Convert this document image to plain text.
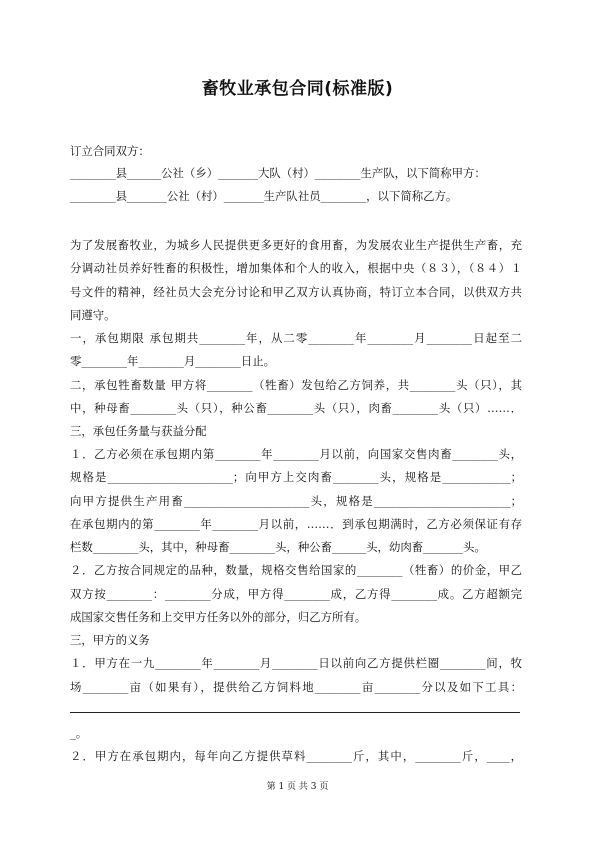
畜牧业承包合同(标准版)
订立合同双方：
________县______公社（乡）_______大队（村）________生产队，以下简称甲方：
________县_______公社（村）_______生产队社员________，以下简称乙方。
为了发展畜牧业，为城乡人民提供更多更好的食用畜，为发展农业生产提供生产畜，充
分调动社员养好牲畜的积极性，增加集体和个人的收入，根据中央（８３），（８４）１
号文件的精神，经社员大会充分讨论和甲乙双方认真协商，特订立本合同，以供双方共
同遵守。
一，承包期限 承包期共________年，从二零________年________月________日起至二
零________年________月________日止。
二，承包牲畜数量 甲方将________（牲畜）发包给乙方饲养，共________头（只），其
中，种母畜________头（只），种公畜________头（只），肉畜________头（只）……．
三，承包任务量与获益分配
１．乙方必须在承包期内第________年________月以前，向国家交售肉畜________头，
规格是______________________；向甲方上交肉畜________头，规格是____________；
向甲方提供生产用畜______________________头，规格是________________________；
在承包期内的第________年________月以前，……．到承包期满时，乙方必须保证有存
栏数________头，其中，种母畜________头，种公畜______头，幼肉畜_______头。
２．乙方按合同规定的品种，数量，规格交售给国家的________（牲畜）的价金，甲乙
双方按________：________分成，甲方得________成，乙方得________成。乙方超额完
成国家交售任务和上交甲方任务以外的部分，归乙方所有。
三，甲方的义务
１．甲方在一九________年________月________日以前向乙方提供栏圈________间，牧
场________亩（如果有），提供给乙方饲料地________亩________分以及如下工具：
_。
２．甲方在承包期内，每年向乙方提供草料________斤，其中，________斤，____，
第 1 页 共 3 页
